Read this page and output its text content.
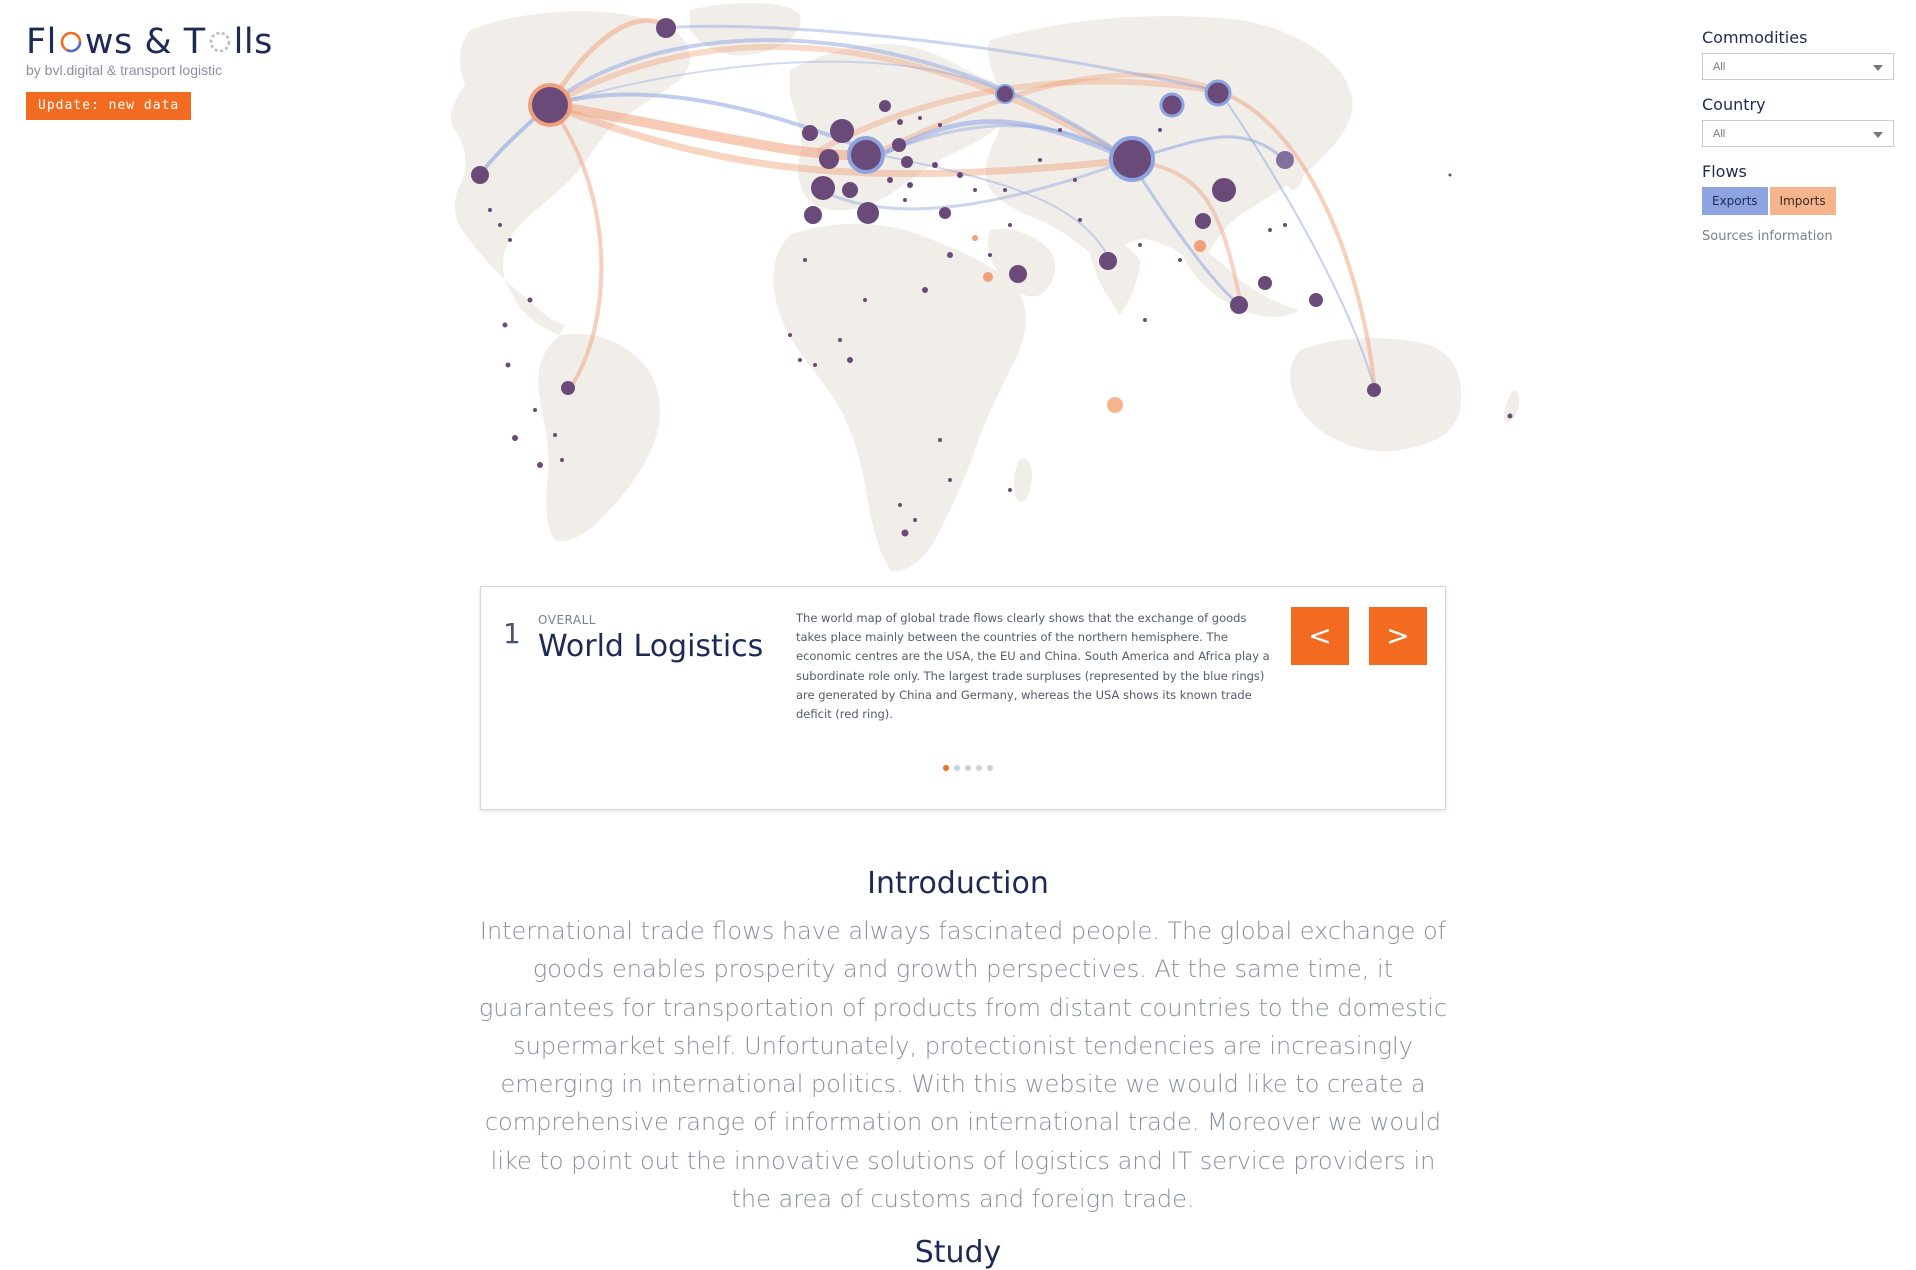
Fl ws & T lls
by bvl.digital & transport logistic
Update: new data
Commodities
All
Country
All
Flows
Exports	Imports
Sources information
1 OVERALL
World Logistics
The world map of global trade flows clearly shows that the exchange of goods takes place mainly between the countries of the northern hemisphere. The economic centres are the USA, the EU and China. South America and Africa play a subordinate role only. The largest trade surpluses (represented by the blue rings) are generated by China and Germany, whereas the USA shows its known trade deficit (red ring).
<	>
Introduction
International trade flows have always fascinated people. The global exchange of goods enables prosperity and growth perspectives. At the same time, it guarantees for transportation of products from distant countries to the domestic supermarket shelf. Unfortunately, protectionist tendencies are increasingly emerging in international politics. With this website we would like to create a comprehensive range of information on international trade. Moreover we would like to point out the innovative solutions of logistics and IT service providers in the area of customs and foreign trade.
Study
